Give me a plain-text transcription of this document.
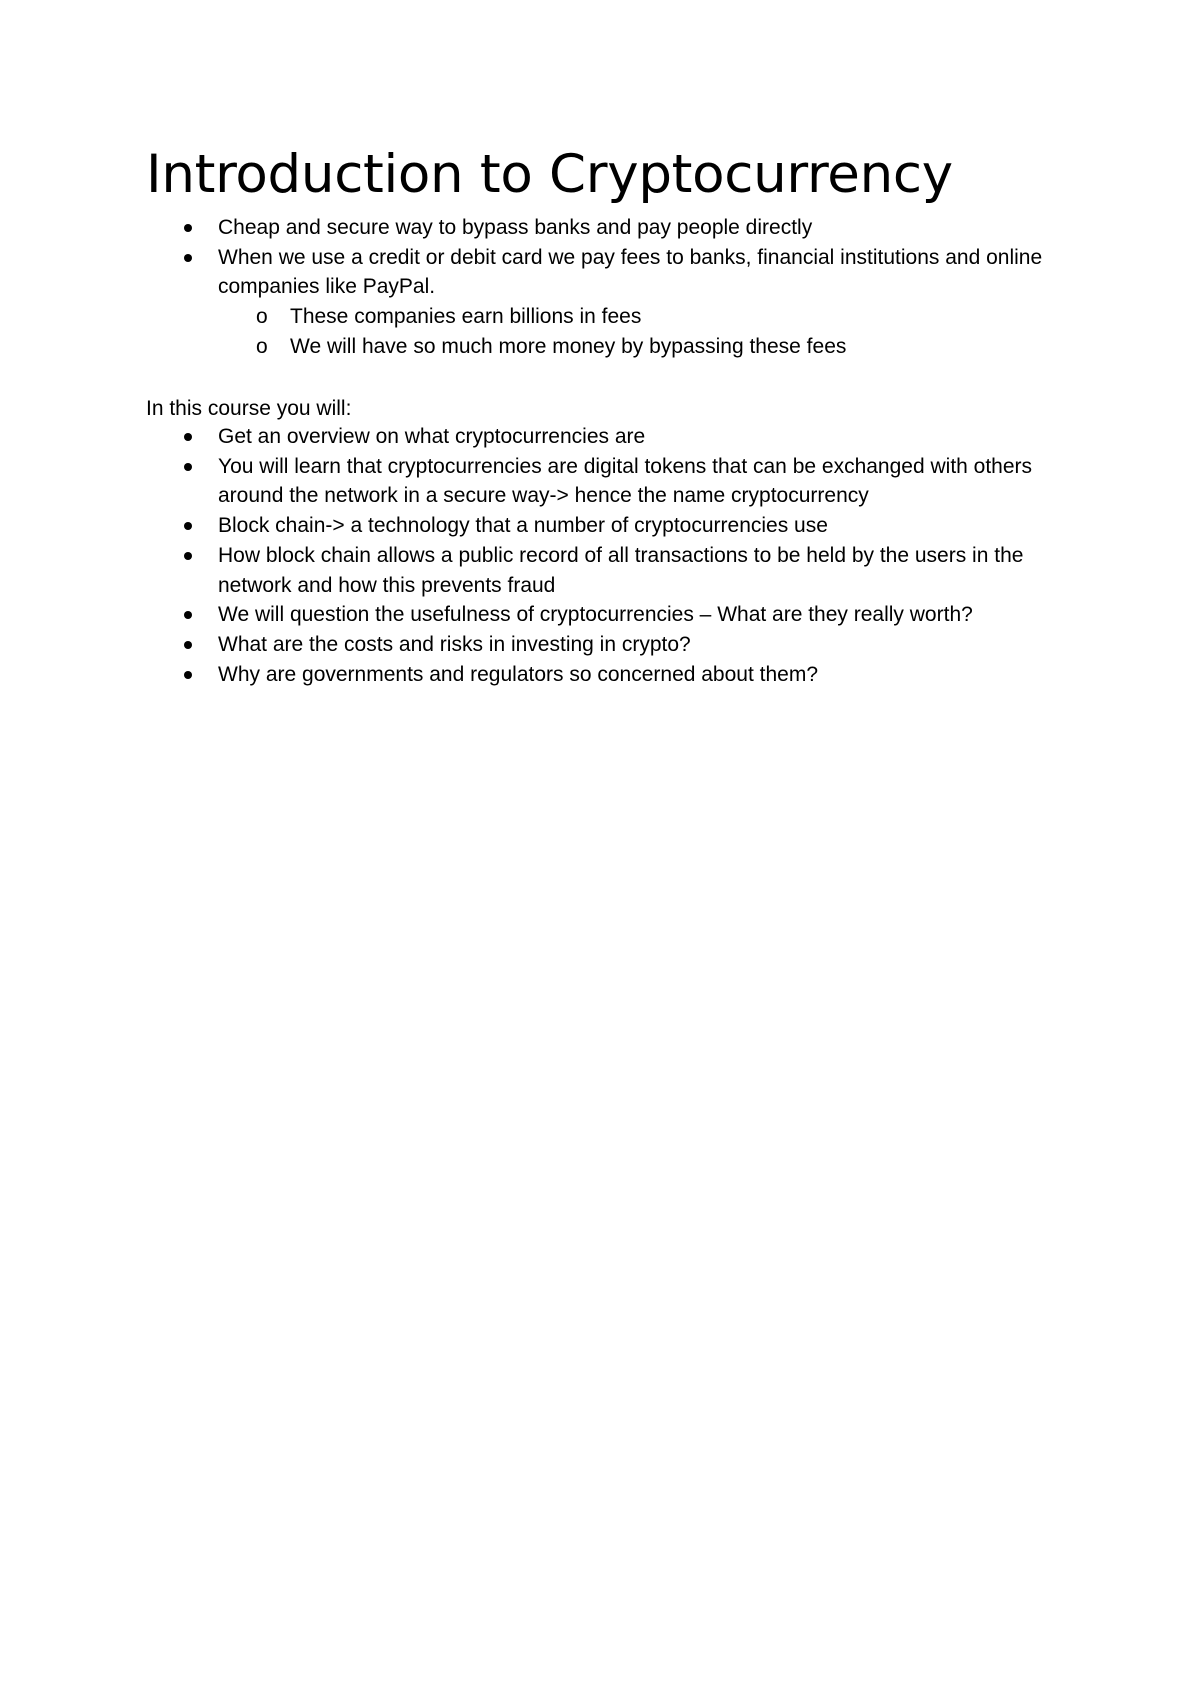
Introduction to Cryptocurrency
Cheap and secure way to bypass banks and pay people directly
When we use a credit or debit card we pay fees to banks, financial institutions and online companies like PayPal.
o These companies earn billions in fees
o We will have so much more money by bypassing these fees

In this course you will:

Get an overview on what cryptocurrencies are
You will learn that cryptocurrencies are digital tokens that can be exchanged with others around the network in a secure way-> hence the name cryptocurrency
Block chain-> a technology that a number of cryptocurrencies use
How block chain allows a public record of all transactions to be held by the users in the network and how this prevents fraud
We will question the usefulness of cryptocurrencies – What are they really worth?
What are the costs and risks in investing in crypto?
Why are governments and regulators so concerned about them?
